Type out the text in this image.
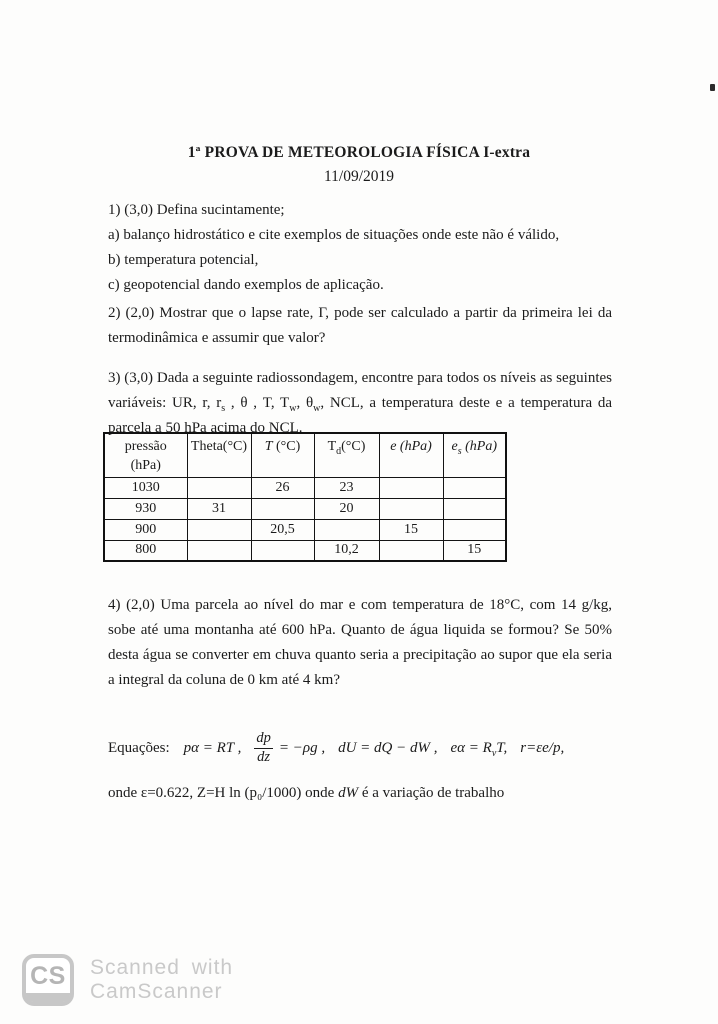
1ª PROVA DE METEOROLOGIA FÍSICA I-extra
11/09/2019
1) (3,0) Defina sucintamente;
a) balanço hidrostático e cite exemplos de situações onde este não é válido,
b) temperatura potencial,
c) geopotencial dando exemplos de aplicação.

2) (2,0) Mostrar que o lapse rate, Γ, pode ser calculado a partir da primeira lei da termodinâmica e assumir que valor?

3) (3,0) Dada a seguinte radiossondagem, encontre para todos os níveis as seguintes variáveis: UR, r, $r_s$ , θ , T, $T_w$, $\theta_w$, NCL, a temperatura deste e a temperatura da parcela a 50 hPa acima do NCL.

pressão
(hPa)	Theta(°C)	T (°C)	$T_d(^\circ C)$	e (hPa)	$e_s$ (hPa)
1030		26	23		
930	31		20		
900		20,5		15	
800			10,2		15

4) (2,0) Uma parcela ao nível do mar e com temperatura de 18°C, com 14 g/kg, sobe até uma montanha até 600 hPa. Quanto de água liquida se formou? Se 50% desta água se converter em chuva quanto seria a precipitação ao supor que ela seria a integral da coluna de 0 km até 4 km?

Equações: pα = RT , $\frac{dp}{dz} = -\rho g$ , dU = dQ − dW , $e\alpha = R_vT$, r=εe/p,
onde ε=0.622, Z=H ln (p₀/1000) onde dW é a variação de trabalho
CS Scanned with
CamScanner
